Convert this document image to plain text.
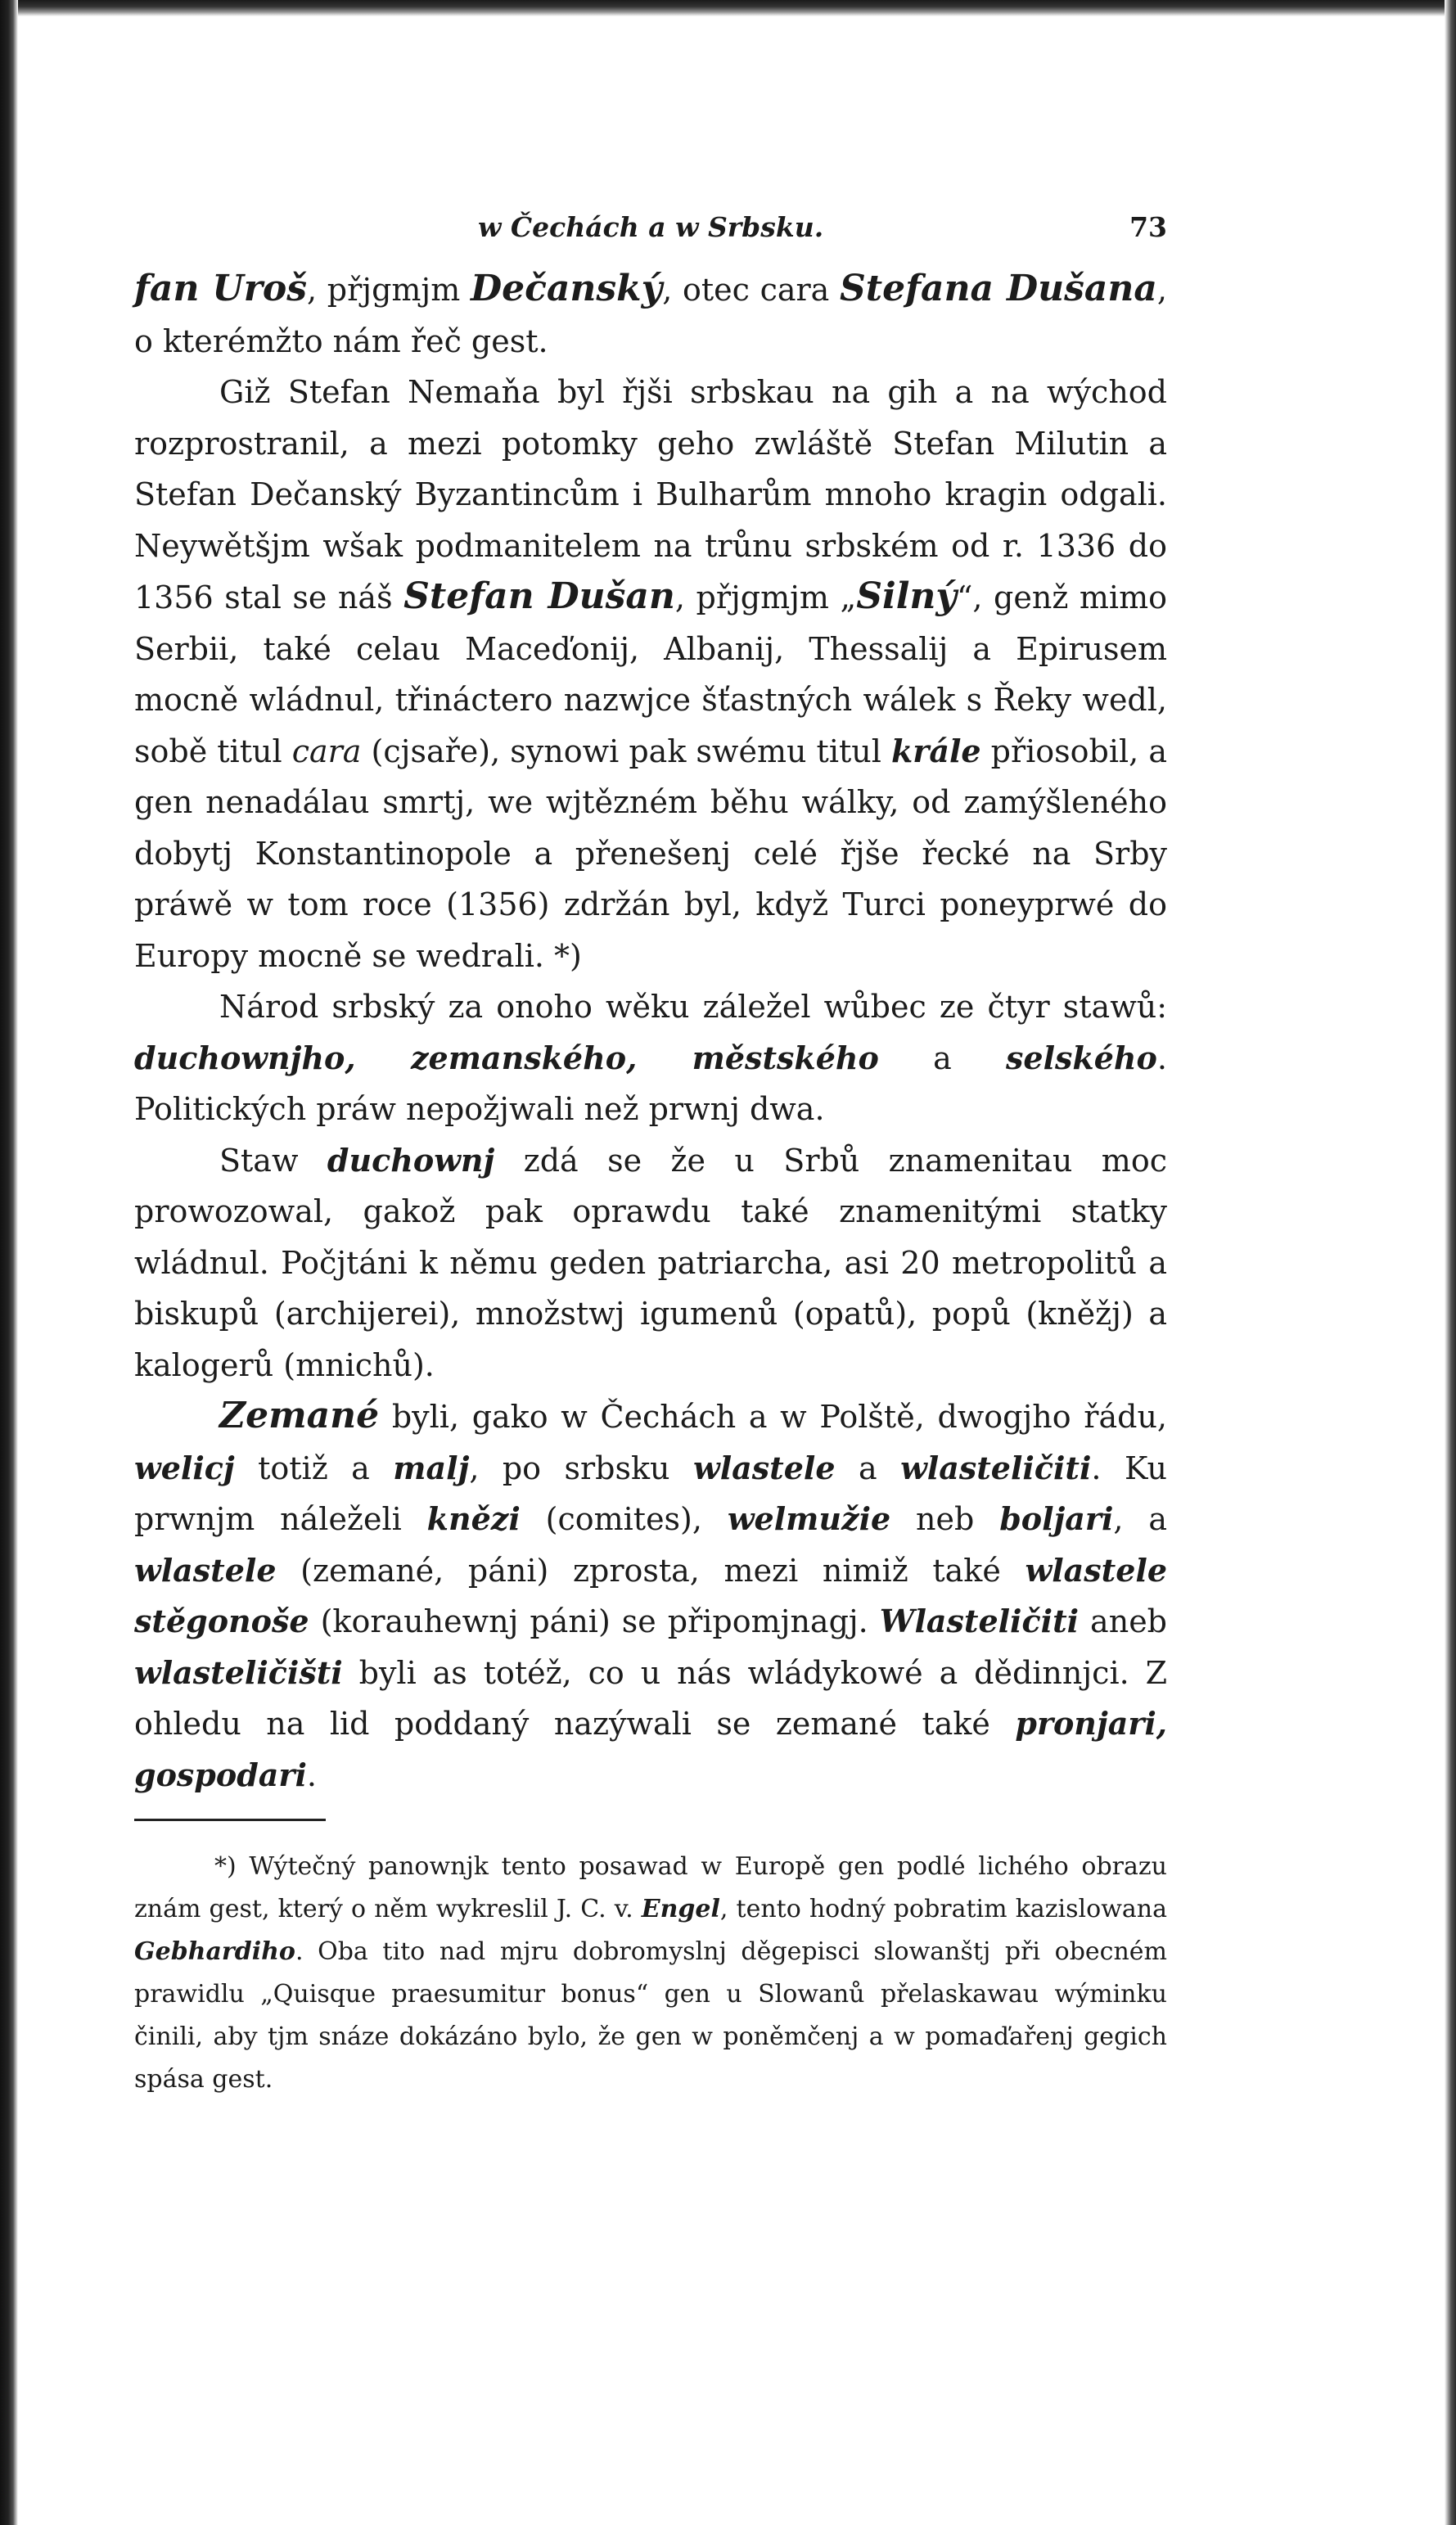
w Čechách a w Srbsku.	73

fan Uroš, přjgmjm Dečanský, otec cara Stefana Dušana, o kterémžto nám řeč gest.

Giž Stefan Nemaňa byl řjši srbskau na gih a na wýchod rozprostranil, a mezi potomky geho zwláště Stefan Milutin a Stefan Dečanský Byzantincům i Bulharům mnoho kragin odgali. Neywětšjm wšak podmanitelem na trůnu srbském od r. 1336 do 1356 stal se náš Stefan Dušan, přjgmjm „Silný“, genž mimo Serbii, také celau Maceďonij, Albanij, Thessalij a Epirusem mocně wládnul, třináctero nazwjce šťastných wálek s Řeky wedl, sobě titul cara (cjsaře), synowi pak swému titul krále přiosobil, a gen nenadálau smrtj, we wjtězném běhu wálky, od zamýšleného dobytj Konstantinopole a přenešenj celé řjše řecké na Srby práwě w tom roce (1356) zdržán byl, když Turci poneyprwé do Europy mocně se wedrali. *)

Národ srbský za onoho wěku záležel wůbec ze čtyr stawů: duchownjho, zemanského, městského a selského. Politických práw nepožjwali než prwnj dwa.

Staw duchownj zdá se že u Srbů znamenitau moc prowozowal, gakož pak oprawdu také znamenitými statky wládnul. Počjtáni k němu geden patriarcha, asi 20 metropolitů a biskupů (archijerei), množstwj igumenů (opatů), popů (kněžj) a kalogerů (mnichů).

Zemané byli, gako w Čechách a w Polště, dwogjho řádu, welicj totiž a malj, po srbsku wlastele a wlasteličiti. Ku prwnjm náleželi knězi (comites), welmužie neb boljari, a wlastele (zemané, páni) zprosta, mezi nimiž také wlastele stěgonoše (korauhewnj páni) se připomjnagj. Wlasteličiti aneb wlasteličišti byli as totéž, co u nás wládykowé a dědinnjci. Z ohledu na lid poddaný nazýwali se zemané také pronjari, gospodari.

*) Wýtečný panownjk tento posawad w Europě gen podlé lichého obrazu znám gest, který o něm wykreslil J. C. v. Engel, tento hodný pobratim kazislowana Gebhardiho. Oba tito nad mjru dobromyslnj děgepisci slowanštj při obecném prawidlu „Quisque praesumitur bonus“ gen u Slowanů přelaskawau wýminku činili, aby tjm snáze dokázáno bylo, že gen w poněmčenj a w pomaďařenj gegich spása gest.
